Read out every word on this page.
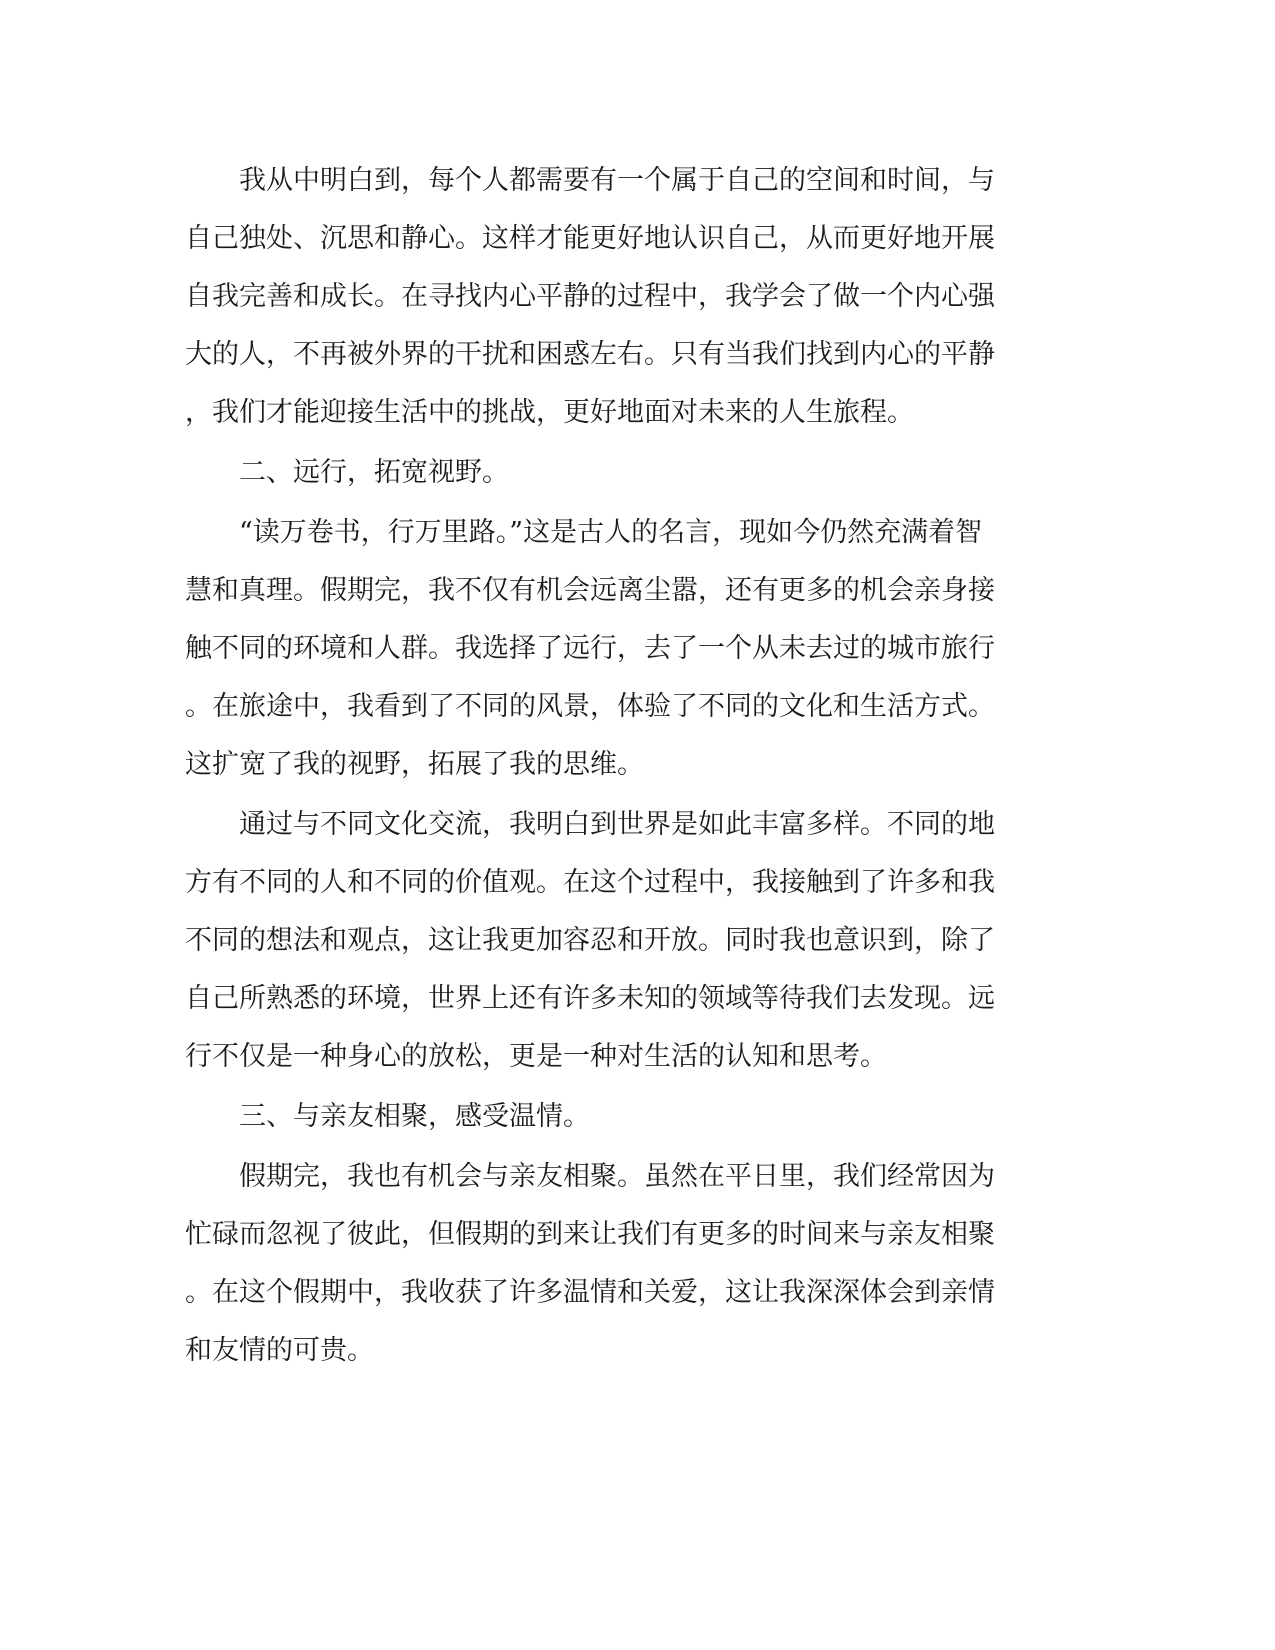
　　我从中明白到，每个人都需要有一个属于自己的空间和时间，与
自己独处、沉思和静心。这样才能更好地认识自己，从而更好地开展
自我完善和成长。在寻找内心平静的过程中，我学会了做一个内心强
大的人，不再被外界的干扰和困惑左右。只有当我们找到内心的平静
，我们才能迎接生活中的挑战，更好地面对未来的人生旅程。
　　二、远行，拓宽视野。
　　“读万卷书，行万里路。”这是古人的名言，现如今仍然充满着智
慧和真理。假期完，我不仅有机会远离尘嚣，还有更多的机会亲身接
触不同的环境和人群。我选择了远行，去了一个从未去过的城市旅行
。在旅途中，我看到了不同的风景，体验了不同的文化和生活方式。
这扩宽了我的视野，拓展了我的思维。
　　通过与不同文化交流，我明白到世界是如此丰富多样。不同的地
方有不同的人和不同的价值观。在这个过程中，我接触到了许多和我
不同的想法和观点，这让我更加容忍和开放。同时我也意识到，除了
自己所熟悉的环境，世界上还有许多未知的领域等待我们去发现。远
行不仅是一种身心的放松，更是一种对生活的认知和思考。
　　三、与亲友相聚，感受温情。
　　假期完，我也有机会与亲友相聚。虽然在平日里，我们经常因为
忙碌而忽视了彼此，但假期的到来让我们有更多的时间来与亲友相聚
。在这个假期中，我收获了许多温情和关爱，这让我深深体会到亲情
和友情的可贵。
